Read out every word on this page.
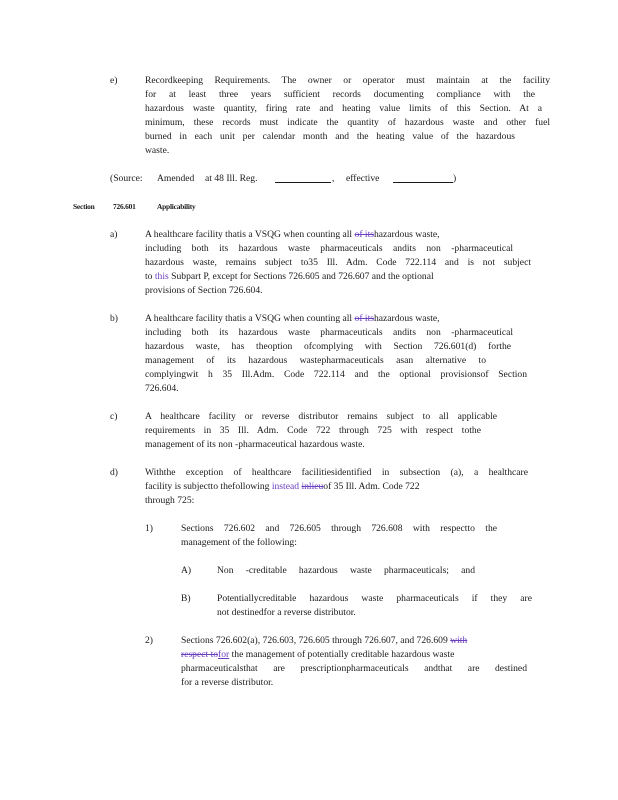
e)	Recordkeeping Requirements. The owner or operator must maintain at the facility
for at least three years sufficient records documenting compliance with the
hazardous waste quantity, firing rate and heating value limits of this Section. At a
minimum, these records must indicate the quantity of hazardous waste and other fuel
burned in each unit per calendar month and the heating value of the hazardous
waste.
(Source: Amended at 48 Ill. Reg.	, effective	)
Section 726.601	Applicability
a)	A healthcare facility thatis a VSQG when counting all of itshazardous waste,
including both its hazardous waste pharmaceuticals andits non -pharmaceutical
hazardous waste, remains subject to35 Ill. Adm. Code 722.114 and is not subject
to this Subpart P, except for Sections 726.605 and 726.607 and the optional
provisions of Section 726.604.
b)	A healthcare facility thatis a VSQG when counting all of itshazardous waste,
including both its hazardous waste pharmaceuticals andits non -pharmaceutical
hazardous waste, has theoption ofcomplying with Section 726.601(d) forthe
management of its hazardous wastepharmaceuticals asan alternative to
complyingwit h 35 Ill.Adm. Code 722.114 and the optional provisionsof Section
726.604.
c)	A healthcare facility or reverse distributor remains subject to all applicable
requirements in 35 Ill. Adm. Code 722 through 725 with respect tothe
management of its non -pharmaceutical hazardous waste.
d)	Withthe exception of healthcare facilitiesidentified in subsection (a), a healthcare
facility is subjectto thefollowing instead inlieuof 35 Ill. Adm. Code 722
through 725:
1)	Sections 726.602 and 726.605 through 726.608 with respectto the
management of the following:
A)	Non -creditable hazardous waste pharmaceuticals; and
B)	Potentiallycreditable hazardous waste pharmaceuticals if they are
not destinedfor a reverse distributor.
2)	Sections 726.602(a), 726.603, 726.605 through 726.607, and 726.609 with
respect tofor the management of potentially creditable hazardous waste
pharmaceuticalsthat are prescriptionpharmaceuticals andthat are destined
for a reverse distributor.
